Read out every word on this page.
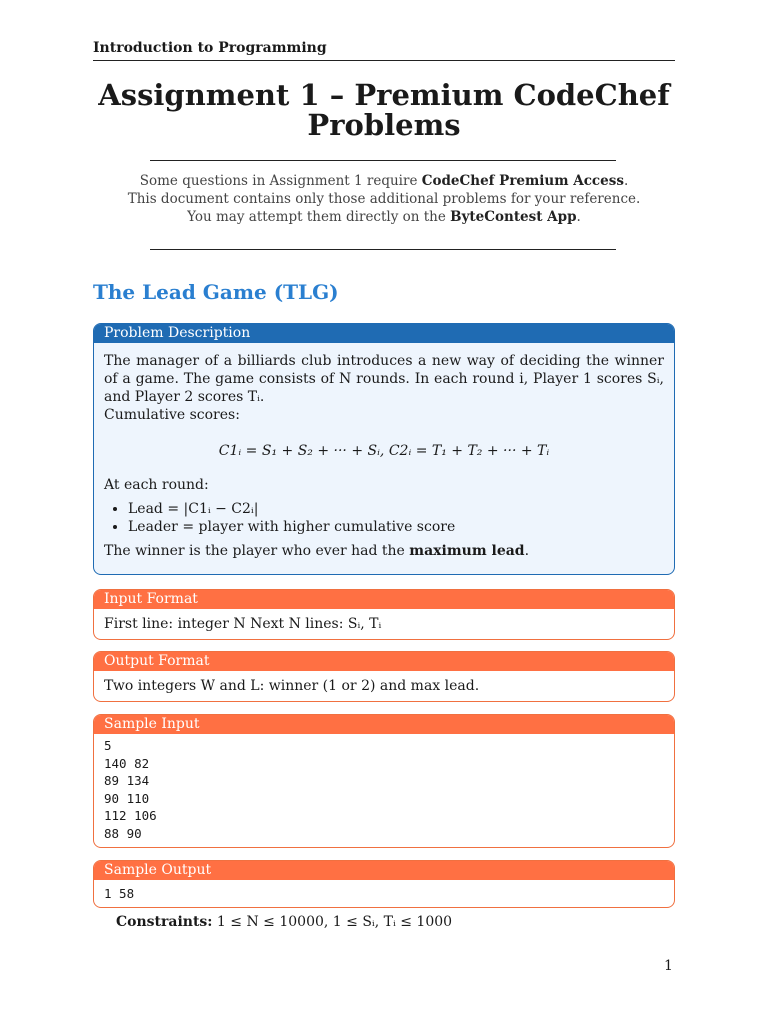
Introduction to Programming
Assignment 1 – Premium CodeChef Problems
Some questions in Assignment 1 require CodeChef Premium Access.
This document contains only those additional problems for your reference.
You may attempt them directly on the ByteContest App.
The Lead Game (TLG)
Problem Description
The manager of a billiards club introduces a new way of deciding the winner of a game. The game consists of N rounds. In each round i, Player 1 scores Sᵢ, and Player 2 scores Tᵢ.
Cumulative scores:
C1ᵢ = S₁ + S₂ + ··· + Sᵢ, C2ᵢ = T₁ + T₂ + ··· + Tᵢ
At each round:
• Lead = |C1ᵢ − C2ᵢ|
• Leader = player with higher cumulative score
The winner is the player who ever had the maximum lead.
Input Format
First line: integer N Next N lines: Sᵢ, Tᵢ
Output Format
Two integers W and L: winner (1 or 2) and max lead.
Sample Input
5
140 82
89 134
90 110
112 106
88 90
Sample Output
1 58
Constraints: 1 ≤ N ≤ 10000, 1 ≤ Sᵢ, Tᵢ ≤ 1000
1
